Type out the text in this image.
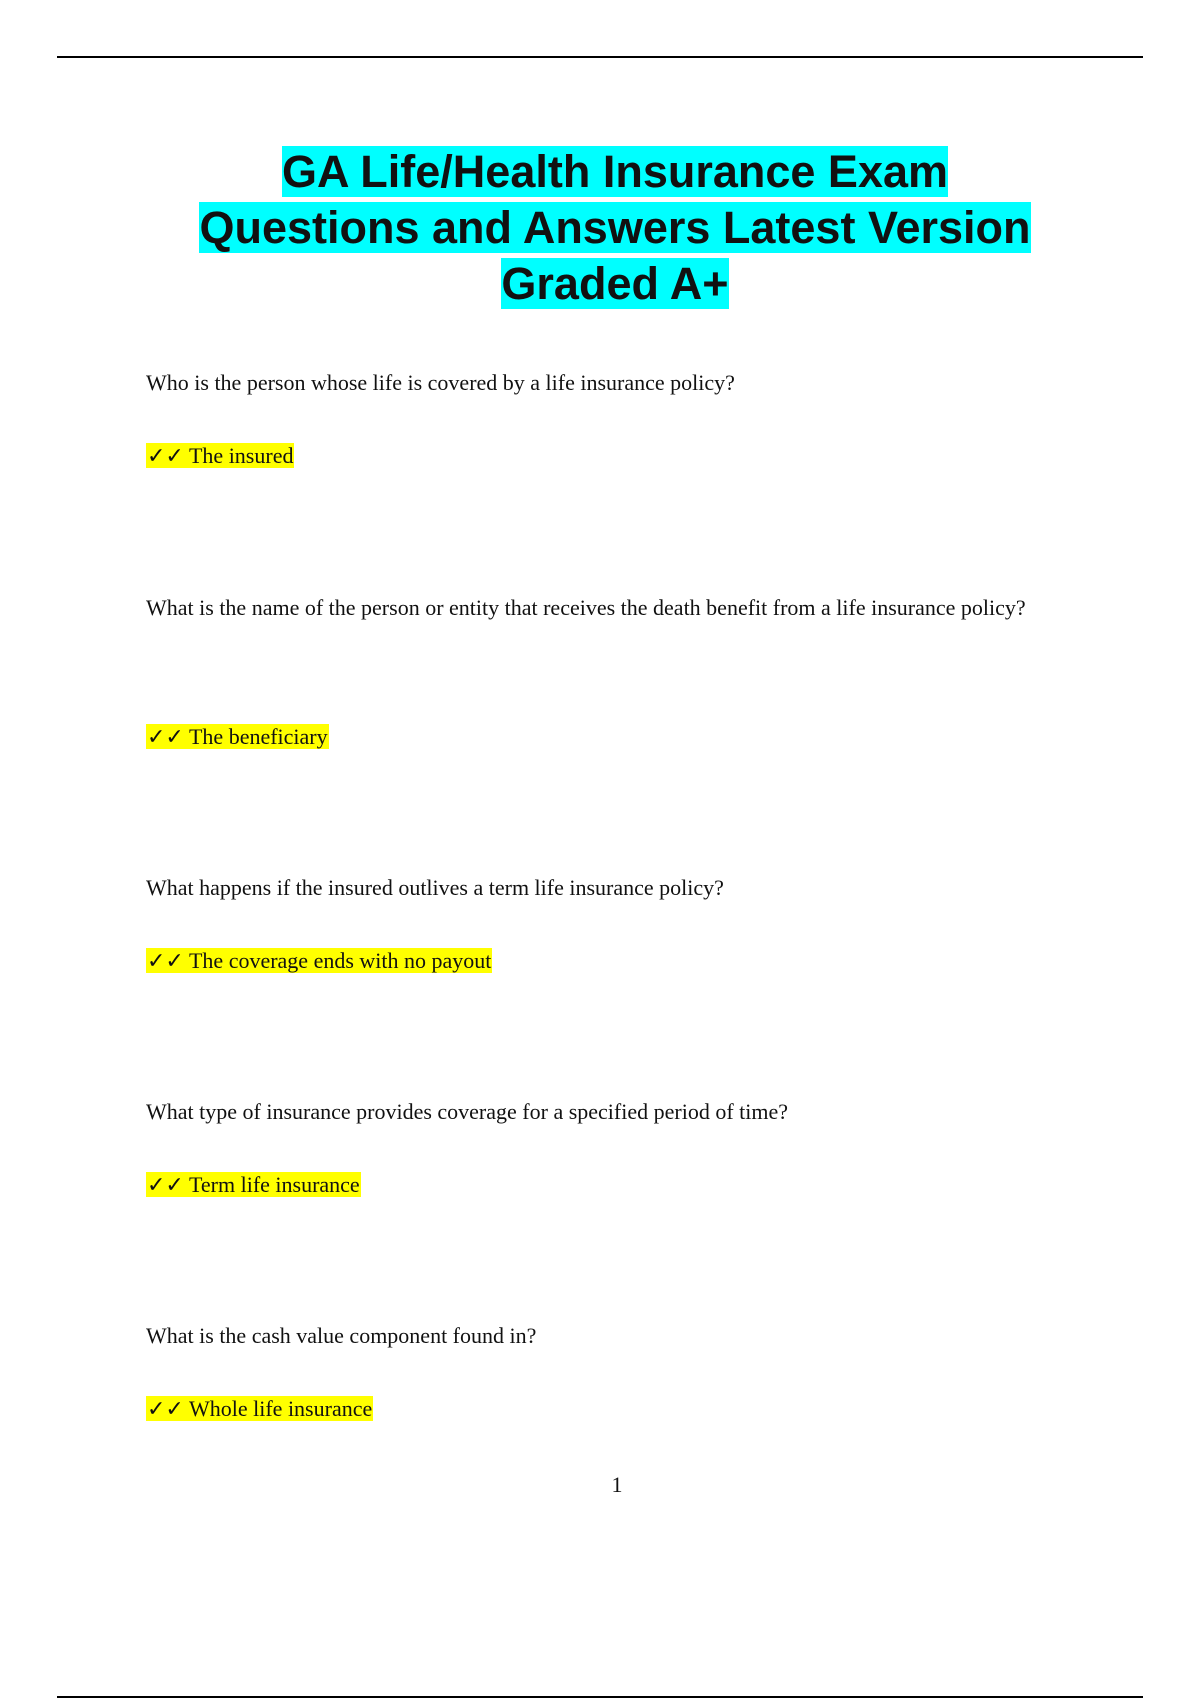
GA Life/Health Insurance Exam
Questions and Answers Latest Version
Graded A+

Who is the person whose life is covered by a life insurance policy?

✓✓ The insured

What is the name of the person or entity that receives the death benefit from a life insurance policy?

✓✓ The beneficiary

What happens if the insured outlives a term life insurance policy?

✓✓ The coverage ends with no payout

What type of insurance provides coverage for a specified period of time?

✓✓ Term life insurance

What is the cash value component found in?

✓✓ Whole life insurance

1
